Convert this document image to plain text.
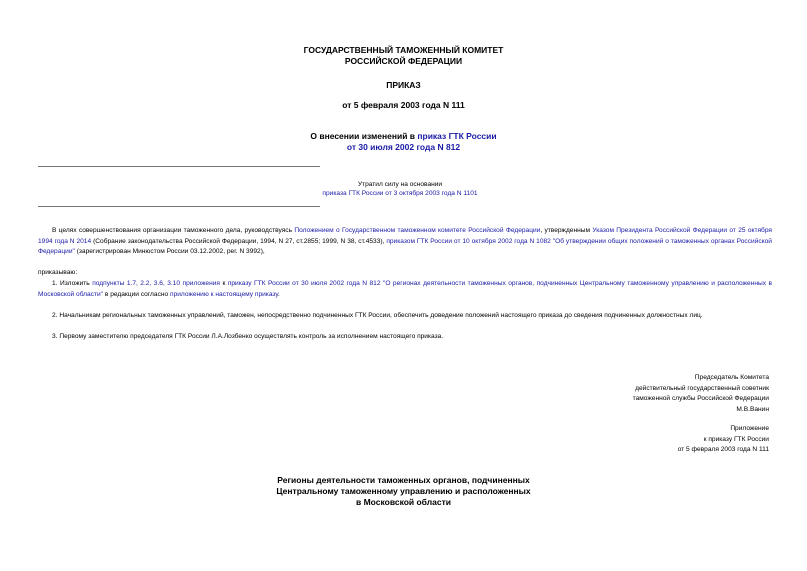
ГОСУДАРСТВЕННЫЙ ТАМОЖЕННЫЙ КОМИТЕТ
РОССИЙСКОЙ ФЕДЕРАЦИИ
ПРИКАЗ
от 5 февраля 2003 года N 111
О внесении изменений в приказ ГТК России
от 30 июля 2002 года N 812
Утратил силу на основании
приказа ГТК России от 3 октября 2003 года N 1101
В целях совершенствования организации таможенного дела, руководствуясь Положением о Государственном таможенном комитете Российской Федерации, утвержденным Указом Президента Российской Федерации от 25 октября 1994 года N 2014 (Собрание законодательства Российской Федерации, 1994, N 27, ст.2855; 1999, N 38, ст.4533), приказом ГТК России от 10 октября 2002 года N 1082 "Об утверждении общих положений о таможенных органах Российской Федерации" (зарегистрирован Минюстом России 03.12.2002, рег. N 3992),
приказываю:
1. Изложить подпункты 1.7, 2.2, 3.6, 3.10 приложения к приказу ГТК России от 30 июля 2002 года N 812 "О регионах деятельности таможенных органов, подчиненных Центральному таможенному управлению и расположенных в Московской области" в редакции согласно приложению к настоящему приказу.
2. Начальникам региональных таможенных управлений, таможен, непосредственно подчиненных ГТК России, обеспечить доведение положений настоящего приказа до сведения подчиненных должностных лиц.
3. Первому заместителю председателя ГТК России Л.А.Лозбенко осуществлять контроль за исполнением настоящего приказа.
Председатель Комитета
действительный государственный советник
таможенной службы Российской Федерации
М.В.Ванин
Приложение
к приказу ГТК России
от 5 февраля 2003 года N 111
Регионы деятельности таможенных органов, подчиненных
Центральному таможенному управлению и расположенных
в Московской области
